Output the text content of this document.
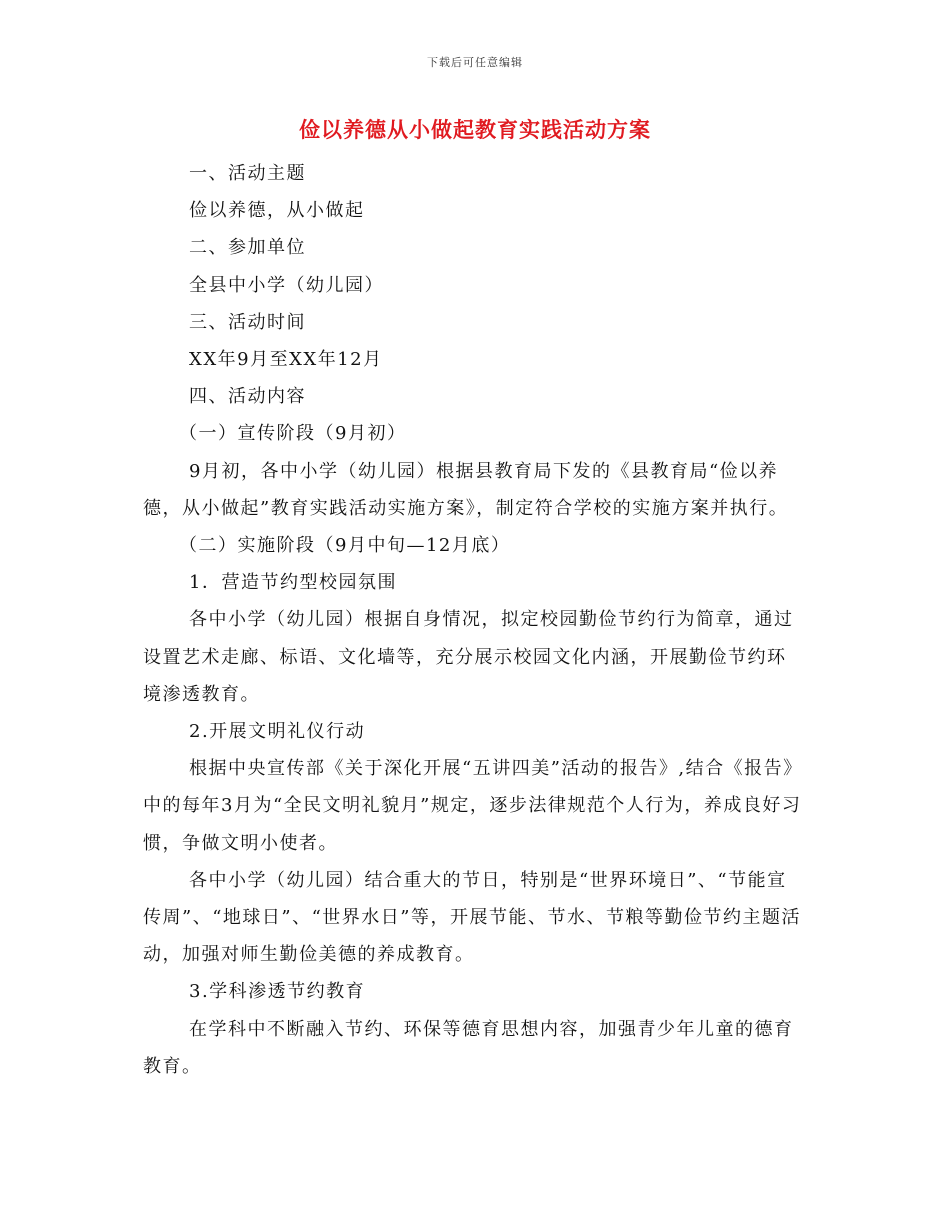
下载后可任意编辑
俭以养德从小做起教育实践活动方案

一、活动主题

俭以养德，从小做起

二、参加单位

全县中小学（幼儿园）

三、活动时间

XX年9月至XX年12月

四、活动内容

（一）宣传阶段（9月初）

9月初，各中小学（幼儿园）根据县教育局下发的《县教育局“俭以养德，从小做起”教育实践活动实施方案》，制定符合学校的实施方案并执行。

（二）实施阶段（9月中旬—12月底）

1．营造节约型校园氛围

各中小学（幼儿园）根据自身情况，拟定校园勤俭节约行为简章，通过设置艺术走廊、标语、文化墙等，充分展示校园文化内涵，开展勤俭节约环境渗透教育。

2.开展文明礼仪行动

根据中央宣传部《关于深化开展“五讲四美”活动的报告》,结合《报告》中的每年3月为“全民文明礼貌月”规定，逐步法律规范个人行为，养成良好习惯，争做文明小使者。

各中小学（幼儿园）结合重大的节日，特别是“世界环境日”、“节能宣传周”、“地球日”、“世界水日”等，开展节能、节水、节粮等勤俭节约主题活动，加强对师生勤俭美德的养成教育。

3.学科渗透节约教育

在学科中不断融入节约、环保等德育思想内容，加强青少年儿童的德育教育。
